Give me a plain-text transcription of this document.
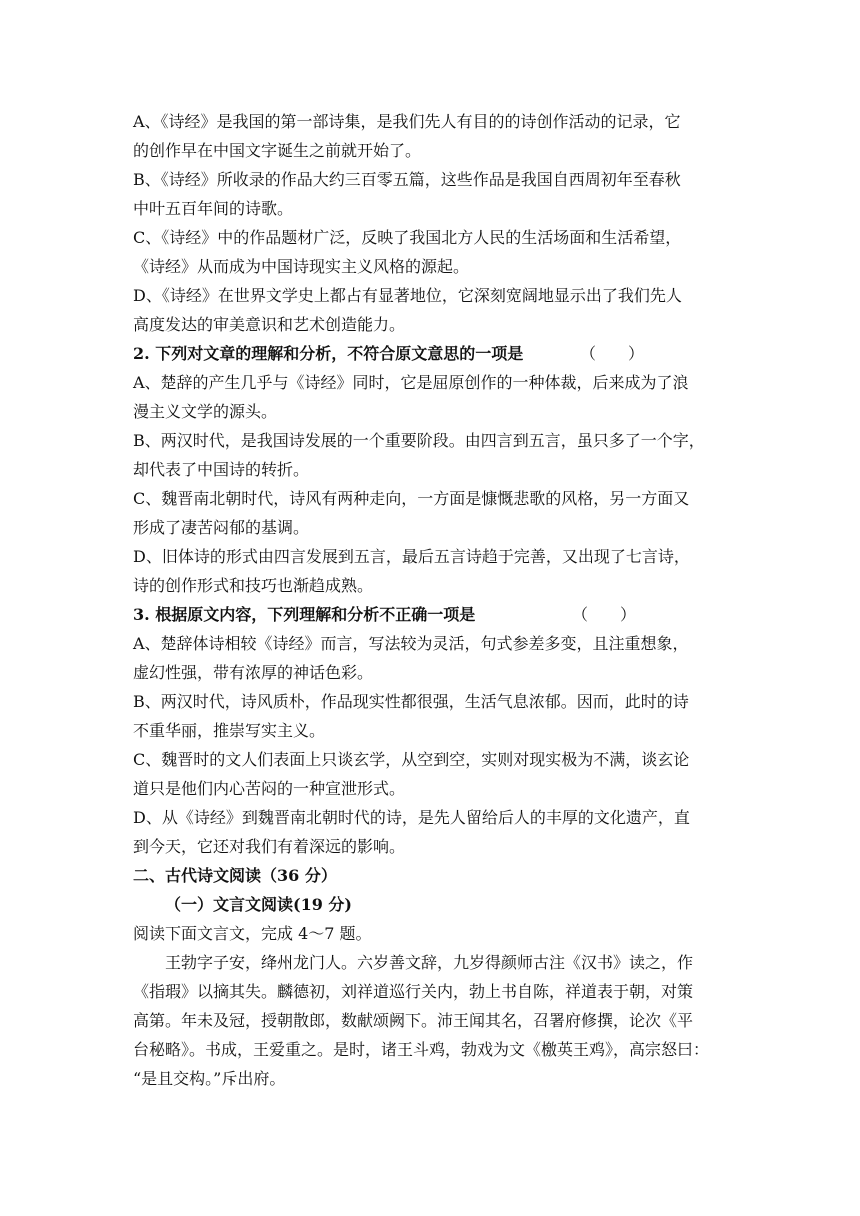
A、《诗经》是我国的第一部诗集，是我们先人有目的的诗创作活动的记录，它
的创作早在中国文字诞生之前就开始了。
B、《诗经》所收录的作品大约三百零五篇，这些作品是我国自西周初年至春秋
中叶五百年间的诗歌。
C、《诗经》中的作品题材广泛，反映了我国北方人民的生活场面和生活希望，
《诗经》从而成为中国诗现实主义风格的源起。
D、《诗经》在世界文学史上都占有显著地位，它深刻宽阔地显示出了我们先人
高度发达的审美意识和艺术创造能力。
2. 下列对文章的理解和分析，不符合原文意思的一项是	（　　）
A、楚辞的产生几乎与《诗经》同时，它是屈原创作的一种体裁，后来成为了浪
漫主义文学的源头。
B、两汉时代，是我国诗发展的一个重要阶段。由四言到五言，虽只多了一个字，
却代表了中国诗的转折。
C、魏晋南北朝时代，诗风有两种走向，一方面是慷慨悲歌的风格，另一方面又
形成了凄苦闷郁的基调。
D、旧体诗的形式由四言发展到五言，最后五言诗趋于完善，又出现了七言诗，
诗的创作形式和技巧也渐趋成熟。
3. 根据原文内容，下列理解和分析不正确一项是	（　　）
A、楚辞体诗相较《诗经》而言，写法较为灵活，句式参差多变，且注重想象，
虚幻性强，带有浓厚的神话色彩。
B、两汉时代，诗风质朴，作品现实性都很强，生活气息浓郁。因而，此时的诗
不重华丽，推崇写实主义。
C、魏晋时的文人们表面上只谈玄学，从空到空，实则对现实极为不满，谈玄论
道只是他们内心苦闷的一种宣泄形式。
D、从《诗经》到魏晋南北朝时代的诗，是先人留给后人的丰厚的文化遗产，直
到今天，它还对我们有着深远的影响。
二、古代诗文阅读（36 分）
（一）文言文阅读(19 分)
阅读下面文言文，完成 4～7 题。
王勃字子安，绛州龙门人。六岁善文辞，九岁得颜师古注《汉书》读之，作
《指瑕》以摘其失。麟德初，刘祥道巡行关内，勃上书自陈，祥道表于朝，对策
高第。年未及冠，授朝散郎，数献颂阙下。沛王闻其名，召署府修撰，论次《平
台秘略》。书成，王爱重之。是时，诸王斗鸡，勃戏为文《檄英王鸡》，高宗怒曰：
“是且交构。”斥出府。
